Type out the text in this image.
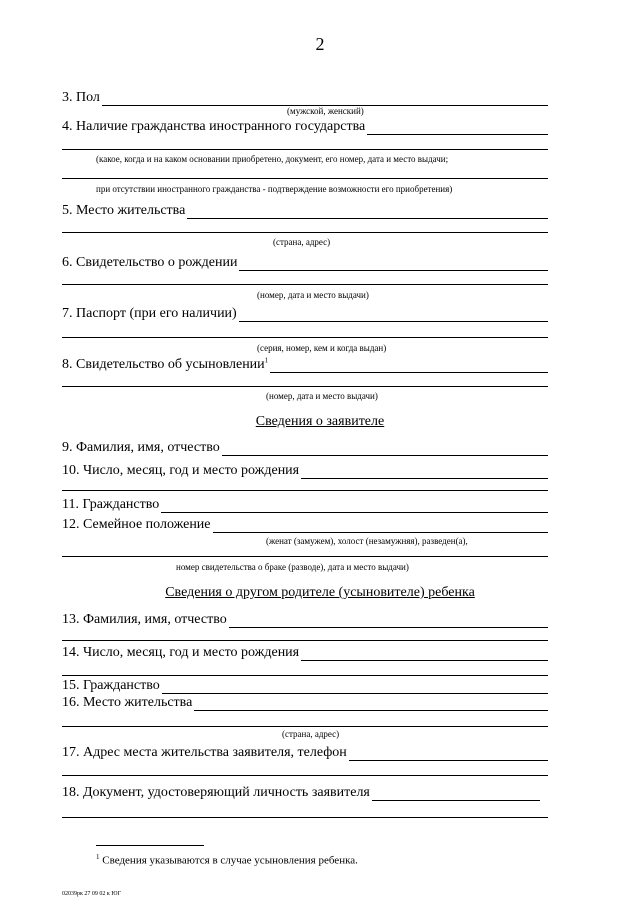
2
3. Пол
(мужской, женский)
4. Наличие гражданства иностранного государства
(какое, когда и на каком основании приобретено, документ, его номер, дата и место выдачи;
при отсутствии иностранного гражданства - подтверждение возможности его приобретения)
5. Место жительства
(страна, адрес)
6. Свидетельство о рождении
(номер, дата и место выдачи)
7. Паспорт (при его наличии)
(серия, номер, кем и когда выдан)
8. Свидетельство об усыновлении$^1$
(номер, дата и место выдачи)
Сведения о заявителе
9. Фамилия, имя, отчество
10. Число, месяц, год и место рождения
11. Гражданство
12. Семейное положение
(женат (замужем), холост (незамужняя), разведен(а),
номер свидетельства о браке (разводе), дата и место выдачи)
Сведения о другом родителе (усыновителе) ребенка
13. Фамилия, имя, отчество
14. Число, месяц, год и место рождения
15. Гражданство
16. Место жительства
(страна, адрес)
17. Адрес места жительства заявителя, телефон
18. Документ, удостоверяющий личность заявителя
$^1$ Сведения указываются в случае усыновления ребенка.
02039рк 27 09 02 к ЮГ
